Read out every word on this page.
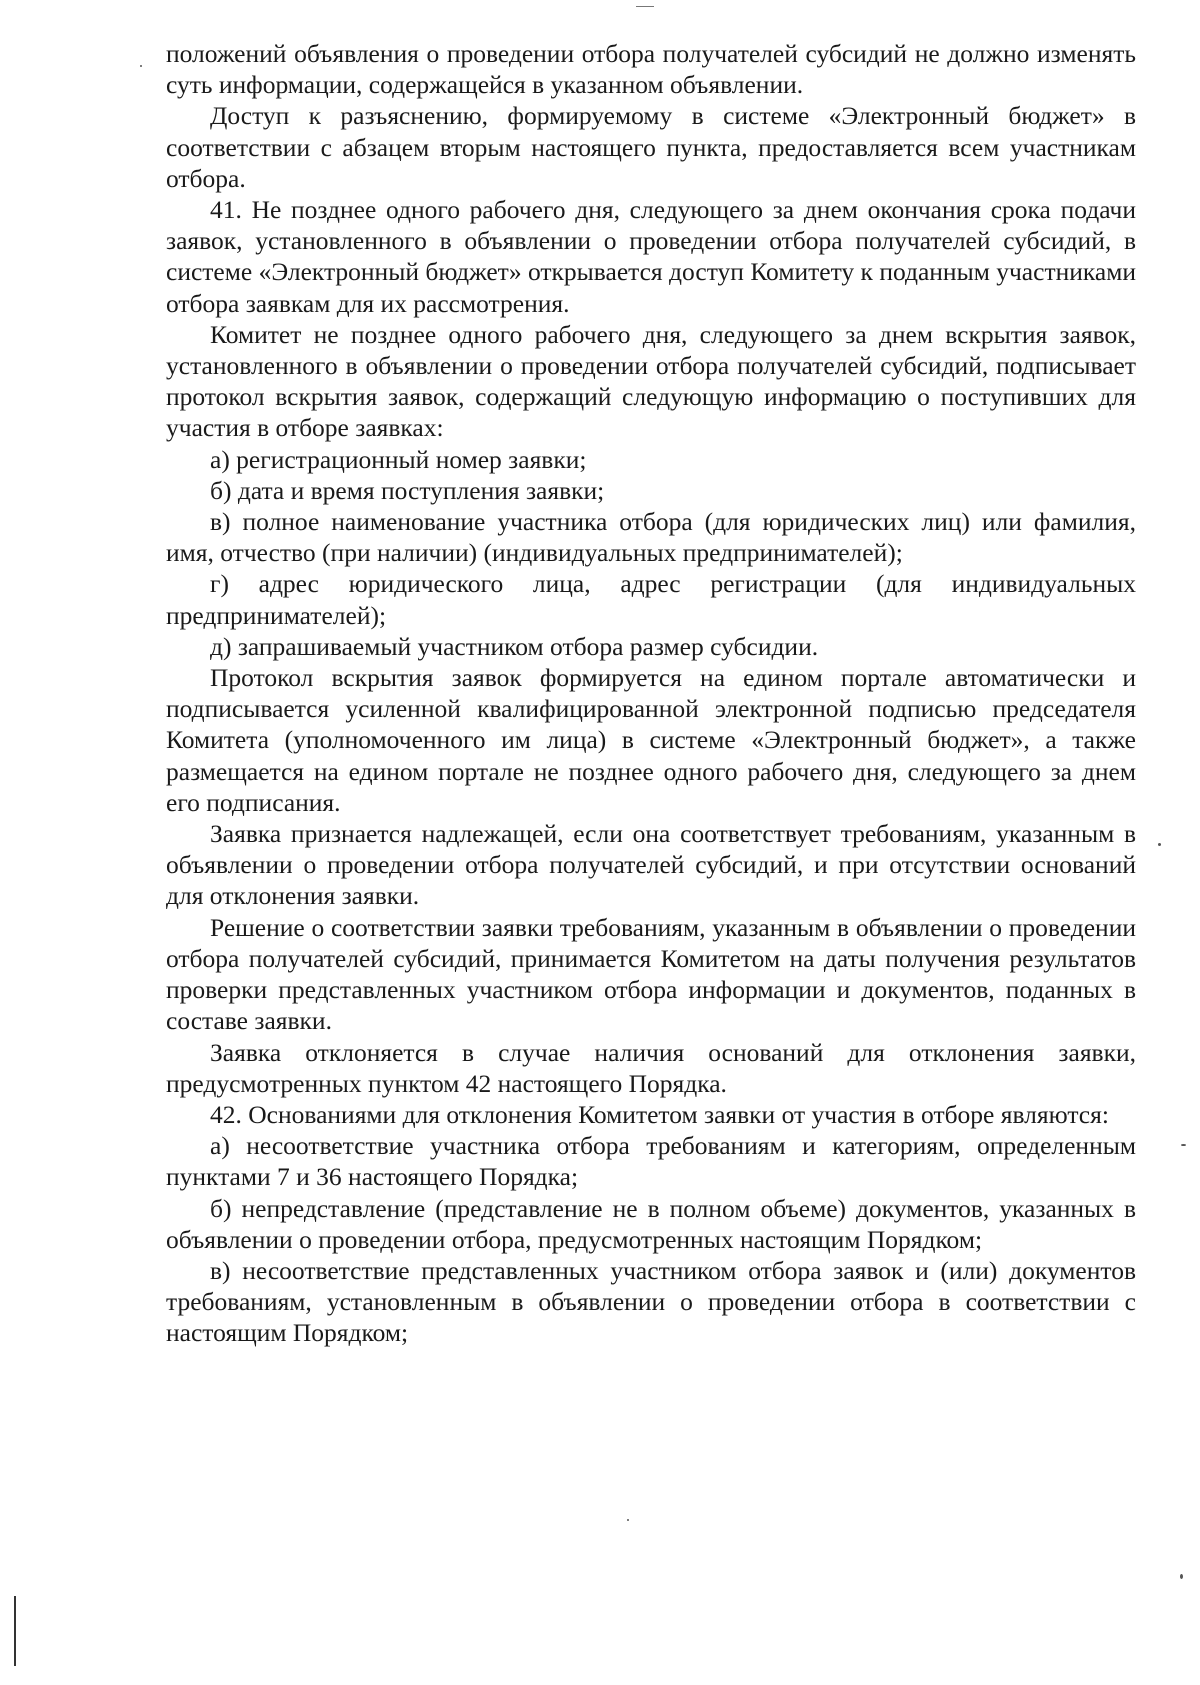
положений объявления о проведении отбора получателей субсидий не должно изменять суть информации, содержащейся в указанном объявлении.

Доступ к разъяснению, формируемому в системе «Электронный бюджет» в соответствии с абзацем вторым настоящего пункта, предоставляется всем участникам отбора.

41. Не позднее одного рабочего дня, следующего за днем окончания срока подачи заявок, установленного в объявлении о проведении отбора получателей субсидий, в системе «Электронный бюджет» открывается доступ Комитету к поданным участниками отбора заявкам для их рассмотрения.

Комитет не позднее одного рабочего дня, следующего за днем вскрытия заявок, установленного в объявлении о проведении отбора получателей субсидий, подписывает протокол вскрытия заявок, содержащий следующую информацию о поступивших для участия в отборе заявках:

а) регистрационный номер заявки;

б) дата и время поступления заявки;

в) полное наименование участника отбора (для юридических лиц) или фамилия, имя, отчество (при наличии) (индивидуальных предпринимателей);

г) адрес юридического лица, адрес регистрации (для индивидуальных предпринимателей);

д) запрашиваемый участником отбора размер субсидии.

Протокол вскрытия заявок формируется на едином портале автоматически и подписывается усиленной квалифицированной электронной подписью председателя Комитета (уполномоченного им лица) в системе «Электронный бюджет», а также размещается на едином портале не позднее одного рабочего дня, следующего за днем его подписания.

Заявка признается надлежащей, если она соответствует требованиям, указанным в объявлении о проведении отбора получателей субсидий, и при отсутствии оснований для отклонения заявки.

Решение о соответствии заявки требованиям, указанным в объявлении о проведении отбора получателей субсидий, принимается Комитетом на даты получения результатов проверки представленных участником отбора информации и документов, поданных в составе заявки.

Заявка отклоняется в случае наличия оснований для отклонения заявки, предусмотренных пунктом 42 настоящего Порядка.

42. Основаниями для отклонения Комитетом заявки от участия в отборе являются:

а) несоответствие участника отбора требованиям и категориям, определенным пунктами 7 и 36 настоящего Порядка;

б) непредставление (представление не в полном объеме) документов, указанных в объявлении о проведении отбора, предусмотренных настоящим Порядком;

в) несоответствие представленных участником отбора заявок и (или) документов требованиям, установленным в объявлении о проведении отбора в соответствии с настоящим Порядком;
